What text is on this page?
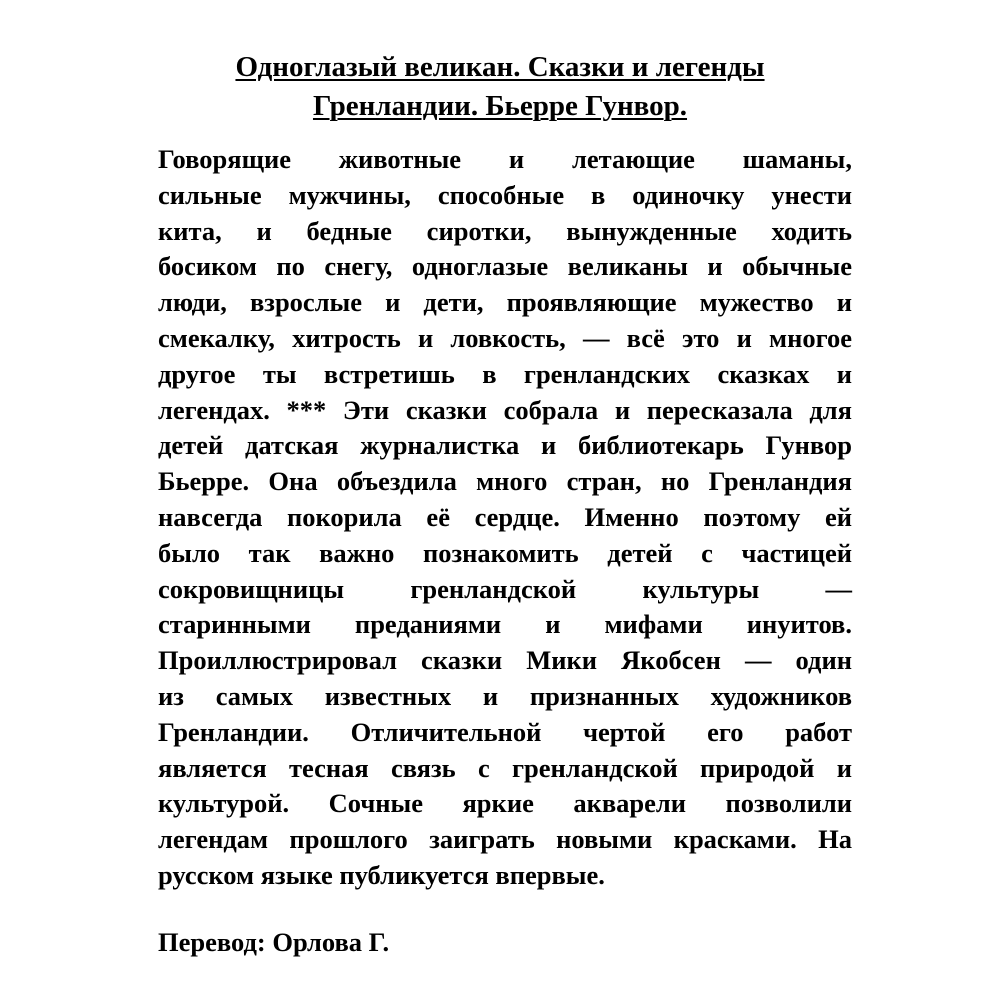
Одноглазый великан. Сказки и легенды
Гренландии. Бьерре Гунвор.
Говорящие животные и летающие шаманы,
сильные мужчины, способные в одиночку унести
кита, и бедные сиротки, вынужденные ходить
босиком по снегу, одноглазые великаны и обычные
люди, взрослые и дети, проявляющие мужество и
смекалку, хитрость и ловкость, — всё это и многое
другое ты встретишь в гренландских сказках и
легендах. *** Эти сказки собрала и пересказала для
детей датская журналистка и библиотекарь Гунвор
Бьерре. Она объездила много стран, но Гренландия
навсегда покорила её сердце. Именно поэтому ей
было так важно познакомить детей с частицей
сокровищницы гренландской культуры —
старинными преданиями и мифами инуитов.
Проиллюстрировал сказки Мики Якобсен — один
из самых известных и признанных художников
Гренландии. Отличительной чертой его работ
является тесная связь с гренландской природой и
культурой. Сочные яркие акварели позволили
легендам прошлого заиграть новыми красками. На
русском языке публикуется впервые.

Перевод: Орлова Г.
